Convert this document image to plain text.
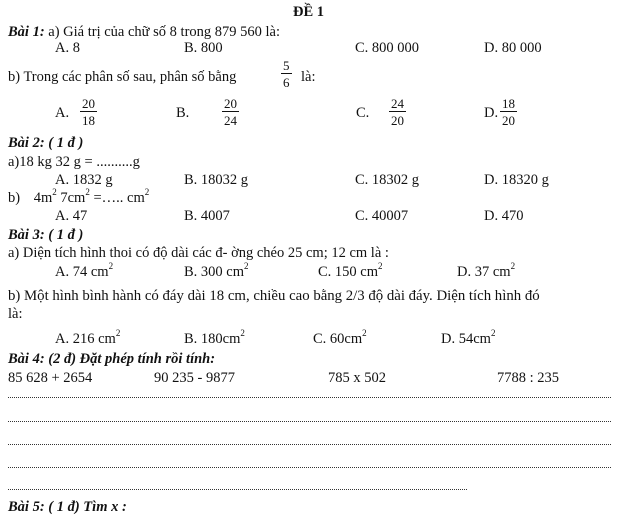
ĐỀ 1
Bài 1: a) Giá trị của chữ số 8 trong 879 560 là:
A. 8	B. 800	C. 800 000	D. 80 000
b) Trong các phân số sau, phân số bằng	$\frac{5}{6}$ là:
A. $\frac{20}{18}$	B.	$\frac{20}{24}$	C. $\frac{24}{20}$	D. $\frac{18}{20}$
Bài 2: ( 1 đ )
a)18 kg 32 g = ..........g
A. 1832 g	B. 18032 g	C. 18302 g	D. 18320 g
b) $4m^2$ $7cm^2$ =….. $cm^2$
A. 47	B. 4007	C. 40007	D. 470
Bài 3: ( 1 đ )
a) Diện tích hình thoi có độ dài các đ- ờng chéo 25 cm; 12 cm là :
A. 74 $cm^2$	B. 300 $cm^2$	C. 150 $cm^2$	D. 37 $cm^2$
b) Một hình bình hành có đáy dài 18 cm, chiều cao bằng 2/3 độ dài đáy. Diện tích hình đó
là:
A. 216 $cm^2$	B. $180cm^2$	C. $60cm^2$	D. $54cm^2$
Bài 4: (2 đ) Đặt phép tính rồi tính:
85 628 + 2654	90 235 - 9877	785 x 502	7788 : 235
Bài 5: ( 1 đ) Tìm x :
